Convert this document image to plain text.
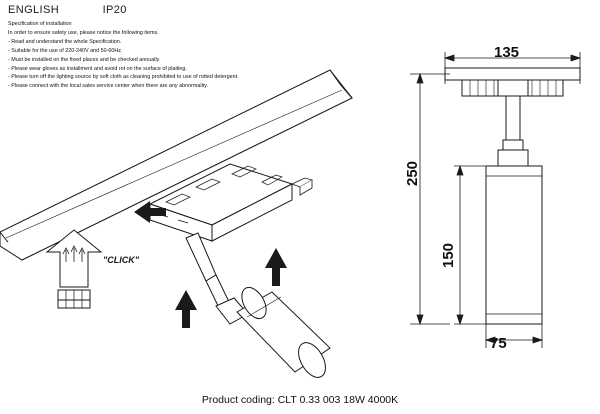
ENGLISH	IP20
Specification of installation
In order to ensure safety use, please notice the following items.
- Read and understand the whole Specification.
- Suitable for the use of 220-240V and 50-60Hz.
- Must be installed on the fixed places and be checked annually
- Please wear gloves as installment and avoid rot on the surface of plaiting.
- Please turn off the lighting source by soft cloth as cleaning prohibited to use of rotted detergent.
- Please connect with the local sales service center when there are any abnormality.
"CLICK"
135
75
250
150
Product coding: CLT 0.33 003 18W 4000K
